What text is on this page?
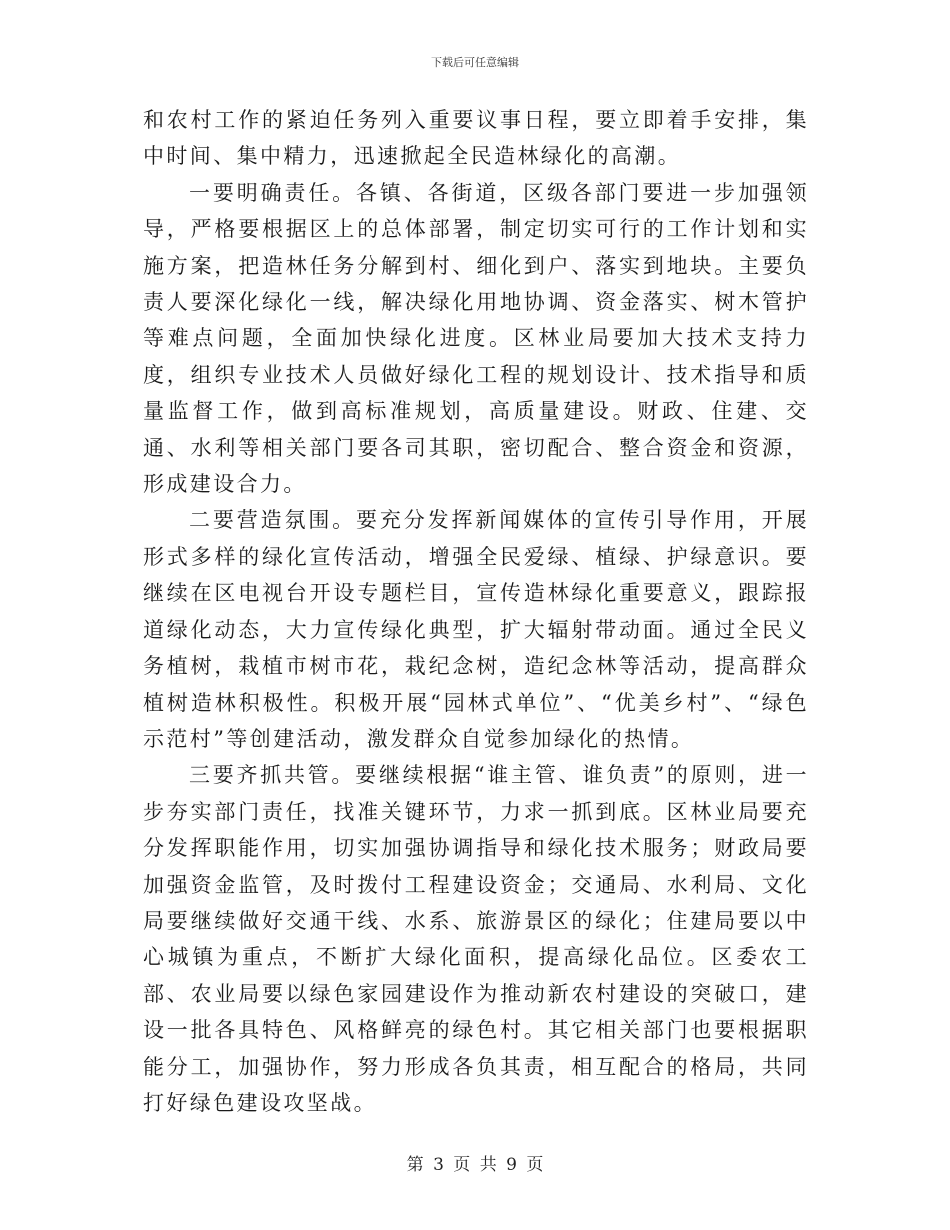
下载后可任意编辑

和农村工作的紧迫任务列入重要议事日程，要立即着手安排，集中时间、集中精力，迅速掀起全民造林绿化的高潮。

一要明确责任。各镇、各街道，区级各部门要进一步加强领导，严格要根据区上的总体部署，制定切实可行的工作计划和实施方案，把造林任务分解到村、细化到户、落实到地块。主要负责人要深化绿化一线，解决绿化用地协调、资金落实、树木管护等难点问题，全面加快绿化进度。区林业局要加大技术支持力度，组织专业技术人员做好绿化工程的规划设计、技术指导和质量监督工作，做到高标准规划，高质量建设。财政、住建、交通、水利等相关部门要各司其职，密切配合、整合资金和资源，形成建设合力。

二要营造氛围。要充分发挥新闻媒体的宣传引导作用，开展形式多样的绿化宣传活动，增强全民爱绿、植绿、护绿意识。要继续在区电视台开设专题栏目，宣传造林绿化重要意义，跟踪报道绿化动态，大力宣传绿化典型，扩大辐射带动面。通过全民义务植树，栽植市树市花，栽纪念树，造纪念林等活动，提高群众植树造林积极性。积极开展“园林式单位”、“优美乡村”、“绿色示范村”等创建活动，激发群众自觉参加绿化的热情。

三要齐抓共管。要继续根据“谁主管、谁负责”的原则，进一步夯实部门责任，找准关键环节，力求一抓到底。区林业局要充分发挥职能作用，切实加强协调指导和绿化技术服务；财政局要加强资金监管，及时拨付工程建设资金；交通局、水利局、文化局要继续做好交通干线、水系、旅游景区的绿化；住建局要以中心城镇为重点，不断扩大绿化面积，提高绿化品位。区委农工部、农业局要以绿色家园建设作为推动新农村建设的突破口，建设一批各具特色、风格鲜亮的绿色村。其它相关部门也要根据职能分工，加强协作，努力形成各负其责，相互配合的格局，共同打好绿色建设攻坚战。

第 3 页 共 9 页
